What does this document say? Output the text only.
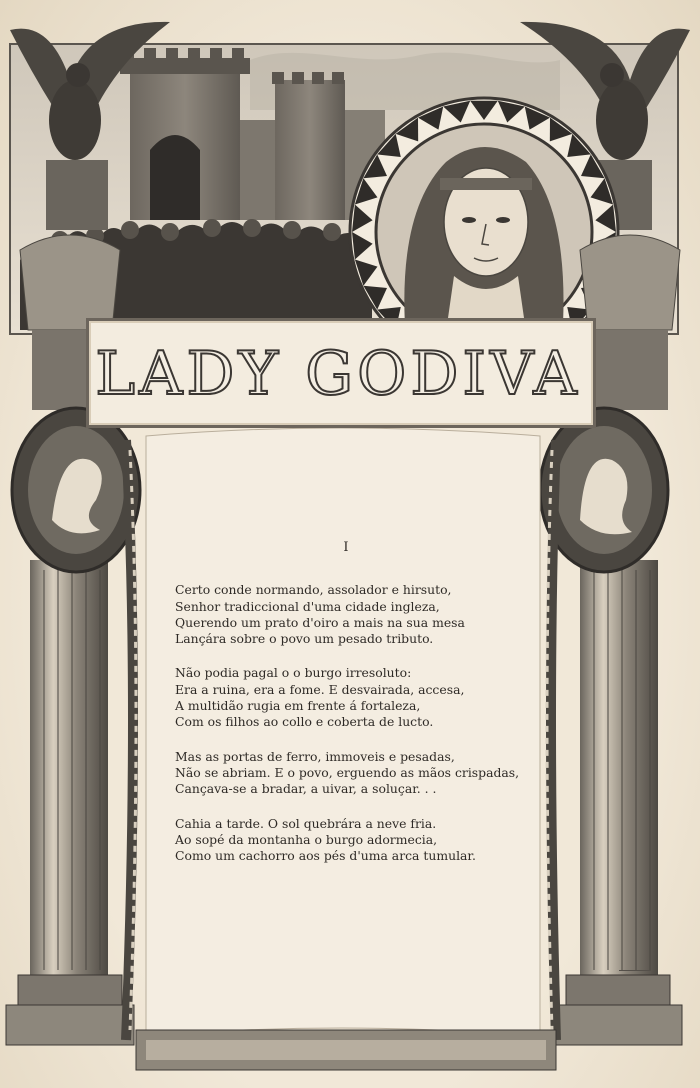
LADY GODIVA
I
Certo conde normando, assolador e hirsuto,
Senhor tradiccional d'uma cidade ingleza,
Querendo um prato d'oiro a mais na sua mesa
Lançára sobre o povo um pesado tributo.
Não podia pagal o o burgo irresoluto:
Era a ruina, era a fome. E desvairada, accesa,
A multidão rugia em frente á fortaleza,
Com os filhos ao collo e coberta de lucto.
Mas as portas de ferro, immoveis e pesadas,
Não se abriam. E o povo, erguendo as mãos crispadas,
Cançava-se a bradar, a uivar, a soluçar. . .
Cahia a tarde. O sol quebrára a neve fria.
Ao sopé da montanha o burgo adormecia,
Como um cachorro aos pés d'uma arca tumular.
